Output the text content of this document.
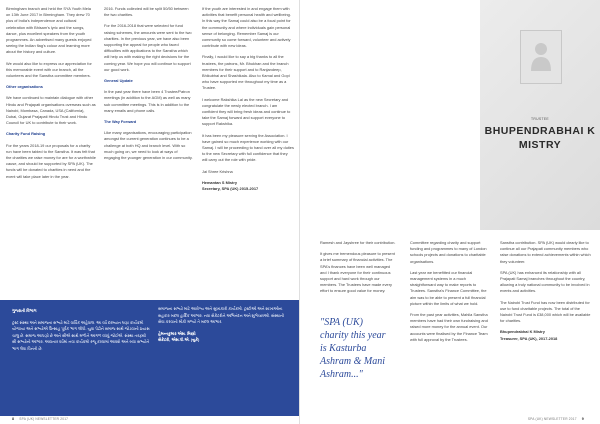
Birmingham branch and held the SYA Youth Mela on 13th June 2017 in Birmingham. They drew 70 plus of India's independence and cultural celebration with Bhisam's lyric and the songs, dance, plus excellent speakers from the youth programmes. An advertised many guests enjoyed seeing the Indian flag's colour and learning more about the history and culture.

We would also like to express our appreciation for this memorable event with our branch, all the volunteers and the Sanstha committee members.

Other organisations

We have continued to maintain dialogue with other Hindu and Prajapati organisations overseas such as Nairobi, Mombasa, Canada, USA (California), Dubai, Gujarat Prajapati Hindu Trust and Hindu Council for UK to contribute to their work.

Charity Fund Raising

For the years 2018-19 our proposals for a charity run have been tabled to the Sanstha. It was felt that the charities we raise money for are for a worthwhile cause, and should be supported by SPA (UK). The funds will be donated to charities in need and the event will take place later in the year.

2016. Funds collected will be split 50/50 between the two charities.

For the 2016-2018 that were selected for fund raising schemes, the amounts were sent to the two charities. In the previous year, we have also been supporting the appeal for people who faced difficulties with applications to the Sanstha which will help us with making the right decisions for the coming year. We hope you will continue to support our good work.

General Update

In the past year there have been 4 Trustee/Patron meetings (in addition to the AGM) as well as many sub committee meetings. This is in addition to the many emails and phone calls.

The Way Forward

Like many organisations, encouraging participation amongst the current generation continues to be a challenge at both HQ and branch level. With so much going on, we need to look at ways of engaging the younger generation in our community.

If the youth are interested in and engage them with activities that benefit personal health and wellbeing. In this way the Samaj could also be a focal point for the community and where individuals gain personal sense of belonging. Remember Samaj is our community so come forward, volunteer and actively contribute with new ideas.

Finally, I would like to say a big thanks to all the trustees, the patrons, Mr. Bhukhan and the branch members for their support and to Ranjandeep, Bhikubhai and Shashikala. Also to Kamal and Gopi who have supported me throughout my time as a Trustee.

I welcome Rakshika Lal as the new Secretary and congratulate the newly elected branch. I am confident they will bring fresh ideas and continue to take the Samaj forward and support everyone to support Rakshika.

It has been my pleasure serving the Association. I have gained so much experience working with our Samaj. I will be proceeding to hand over all my duties to the new Secretary with full confidence that they will carry out the role with pride.

Jai Shree Krishna

Hemantan S Mistry

Secretary, SPA (UK) 2015-2017

ગુજરાતી વિભાગ

ટ્રસ્ટ સંસ્થા અને સમાજના સભ્યો માટે વાર્ષિક અહેવાલ. આ વર્ષ દરમ્યાન ઘણા કાર્યક્રમો યોજાયા અને સભ્યોએ ઉત્સાહ પૂર્વક ભાગ લીધો. યુવા પેઢીને સમાજ સાથે જોડવાનો પ્રયાસ ચાલુ છે. સમાજ આપણો છે અને સૌએ સાથે મળીને આગળ વધવું જોઈએ. સંસ્થા તરફથી સૌ સભ્યોનો આભાર. આવનાર વર્ષમાં નવા કાર્યક્રમો રજૂ કરવામાં આવશે અને બધા સભ્યોને ભાગ લેવા વિનંતી છે.

સમાજના સભ્યો માટે આરોગ્ય અને સુખાકારી કાર્યક્રમો. ટ્રસ્ટીઓ અને શાખાઓના સહકાર બદલ હાર્દિક આભાર. નવા સેક્રેટરીને અભિનંદન અને શુભેચ્છાઓ. સંસ્થાની સેવા કરવાનો મોકો મળ્યો તે બદલ આભાર.

હેમન્તકુમાર એસ. મિસ્ત્રી

સેક્રેટરી, એસ.પી.એ. (યુકે)

8 SPA (UK) NEWSLETTER 2017
TRUSTEE
BHUPENDRABHAI K MISTRY

Ramesh and Jayshree for their contribution.

It gives me tremendous pleasure to present a brief summary of financial activities. The SPA's finances have been well managed and I thank everyone for their continuous support and hard work through our members. The Trustees have made every effort to ensure good value for money.

"SPA (UK) charity this year is Kasturba Ashram & Mani Ashram..."

Committee regarding charity and support funding and programmes to many of London schools projects and donations to charitable organisations.

Last year we benefitted our financial management systems in a much straightforward way to make reports to Trustees. Sanstha's Finance Committee, the aim was to be able to present a full financial picture within the limits of what we hold.

From the past year activities, Mahila Sanstha members have had their own fundraising and raised more money for the annual event. Our accounts were finalised by the Finance Team with full approval by the Trustees.

Sanstha contribution. SPA (UK) would clearly like to continue all our Prajapati community members who raise donations to extend achievements within which they volunteer.

SPA (UK) has enhanced its relationship with all Prajapati Samaj branches throughout the country, allowing a truly national community to be involved in events and activities.

The Nairobi Trust Fund has now been distributed for use to fund charitable projects. The total of the Nairobi Trust Fund is £38,000 which will be available for charities.

Bhupendrabhai K Mistry

Treasurer, SPA (UK), 2017-2018

SPA (UK) NEWSLETTER 2017 9
